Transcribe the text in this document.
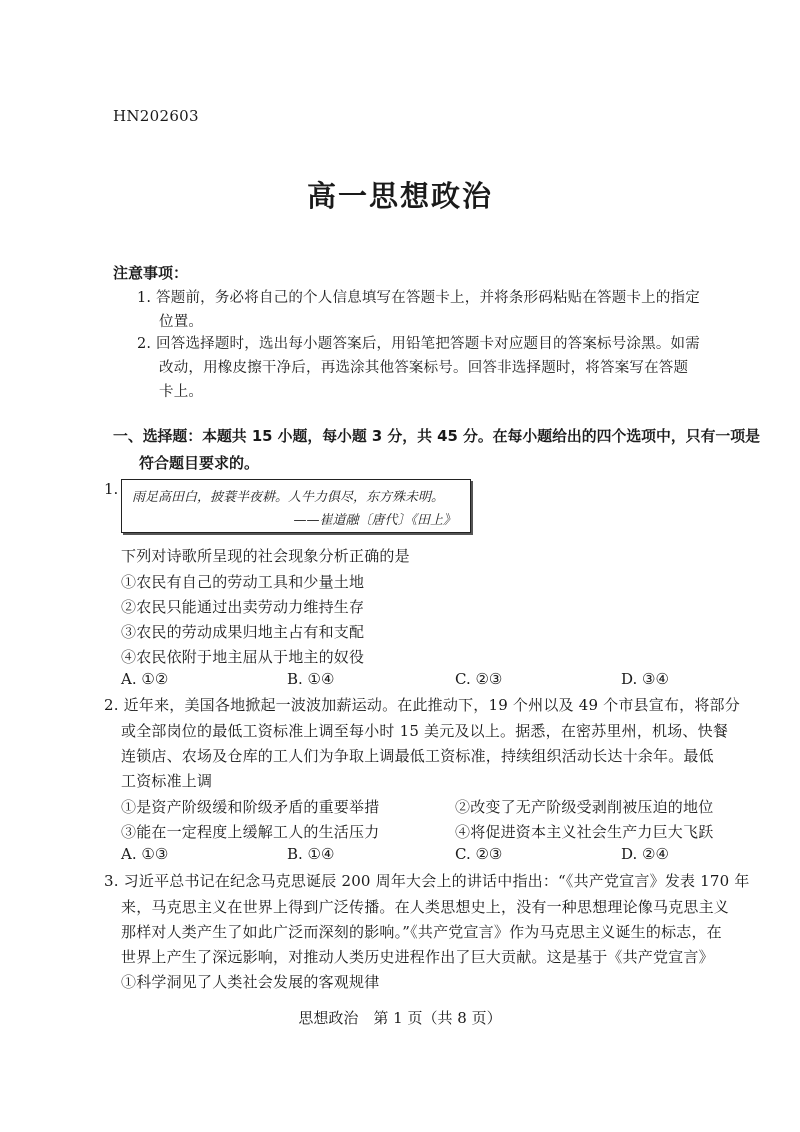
HN202603
高一思想政治
注意事项：
1. 答题前，务必将自己的个人信息填写在答题卡上，并将条形码粘贴在答题卡上的指定
位置。
2. 回答选择题时，选出每小题答案后，用铅笔把答题卡对应题目的答案标号涂黑。如需
改动，用橡皮擦干净后，再选涂其他答案标号。回答非选择题时，将答案写在答题
卡上。
一、选择题：本题共 15 小题，每小题 3 分，共 45 分。在每小题给出的四个选项中，只有一项是
符合题目要求的。
1. 雨足高田白，披蓑半夜耕。人牛力俱尽，东方殊未明。
——崔道融〔唐代〕《田上》
下列对诗歌所呈现的社会现象分析正确的是
①农民有自己的劳动工具和少量土地
②农民只能通过出卖劳动力维持生存
③农民的劳动成果归地主占有和支配
④农民依附于地主屈从于地主的奴役
A. ①②	B. ①④	C. ②③	D. ③④
2. 近年来，美国各地掀起一波波加薪运动。在此推动下，19 个州以及 49 个市县宣布，将部分
或全部岗位的最低工资标准上调至每小时 15 美元及以上。据悉，在密苏里州，机场、快餐
连锁店、农场及仓库的工人们为争取上调最低工资标准，持续组织活动长达十余年。最低
工资标准上调
①是资产阶级缓和阶级矛盾的重要举措	②改变了无产阶级受剥削被压迫的地位
③能在一定程度上缓解工人的生活压力	④将促进资本主义社会生产力巨大飞跃
A. ①③	B. ①④	C. ②③	D. ②④
3. 习近平总书记在纪念马克思诞辰 200 周年大会上的讲话中指出：“《共产党宣言》发表 170 年
来，马克思主义在世界上得到广泛传播。在人类思想史上，没有一种思想理论像马克思主义
那样对人类产生了如此广泛而深刻的影响。”《共产党宣言》作为马克思主义诞生的标志，在
世界上产生了深远影响，对推动人类历史进程作出了巨大贡献。这是基于《共产党宣言》
①科学洞见了人类社会发展的客观规律
思想政治　第 1 页（共 8 页）
